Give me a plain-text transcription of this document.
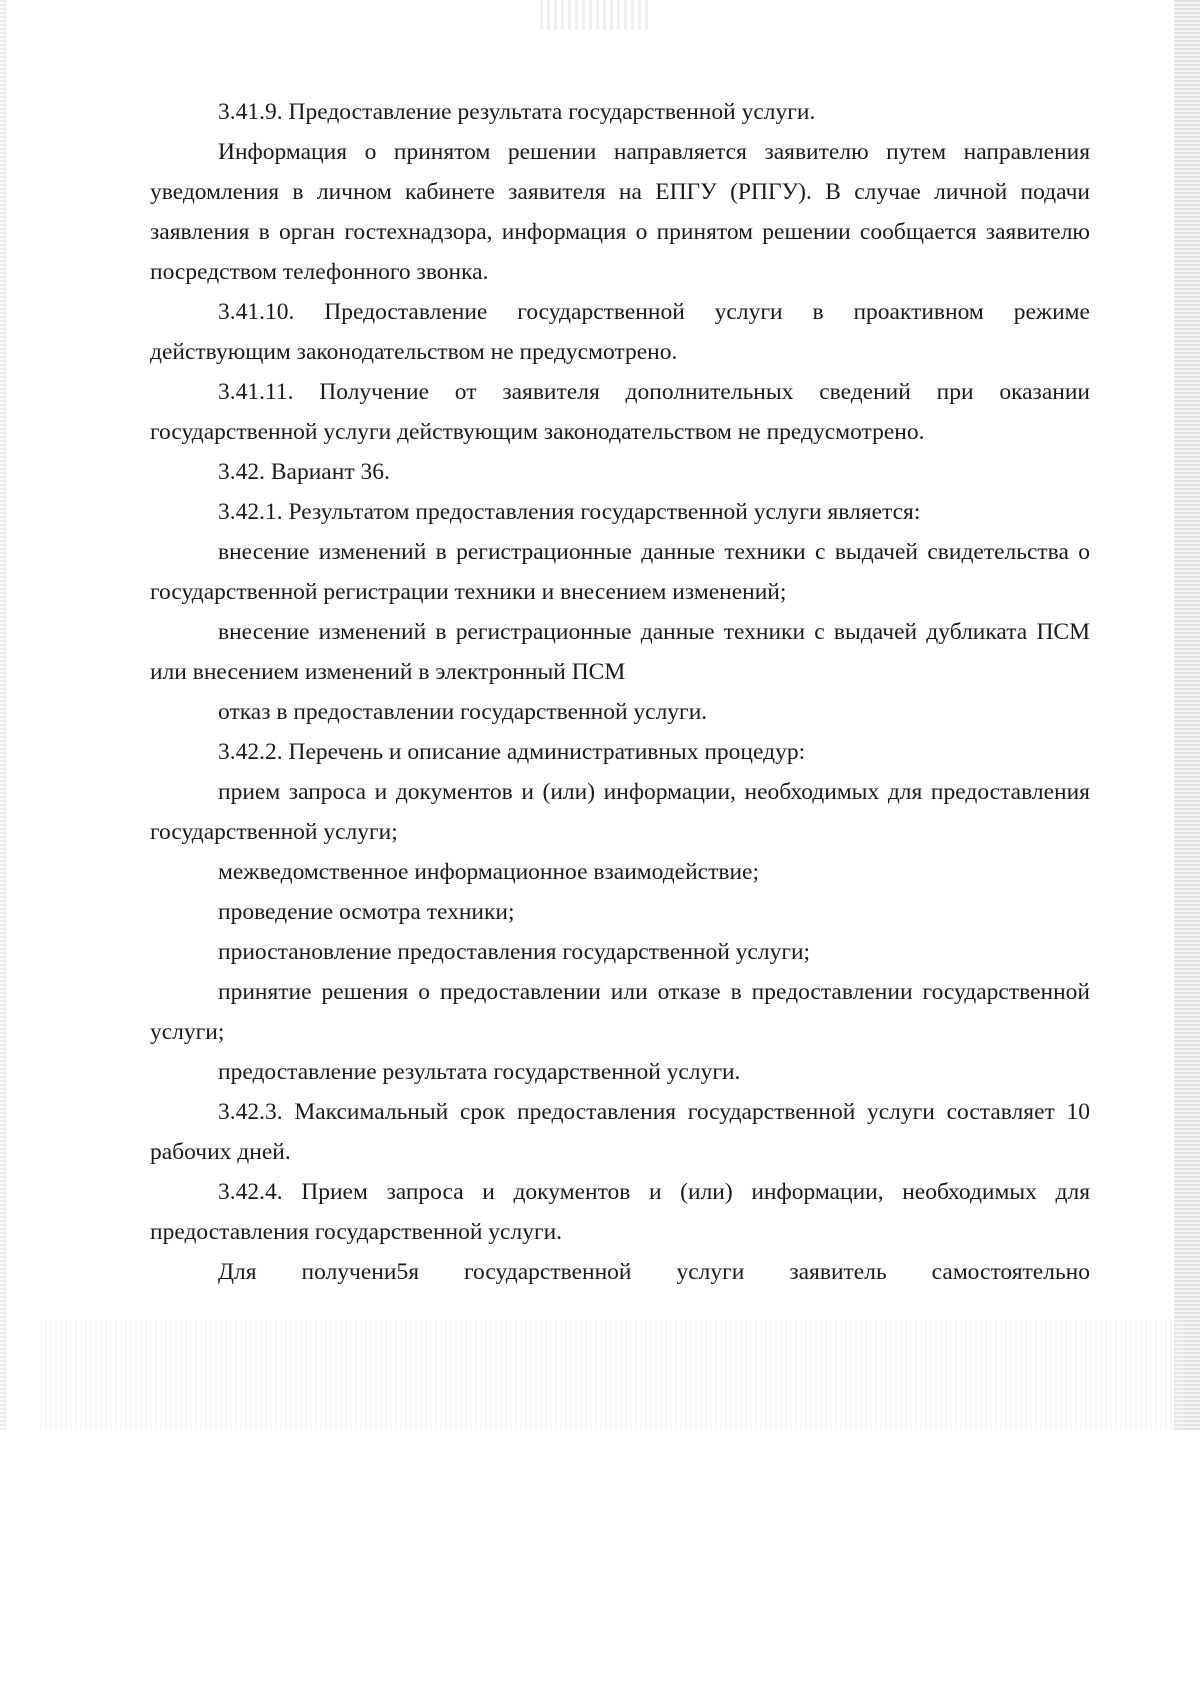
3.41.9. Предоставление результата государственной услуги.

Информация о принятом решении направляется заявителю путем направления уведомления в личном кабинете заявителя на ЕПГУ (РПГУ). В случае личной подачи заявления в орган гостехнадзора, информация о принятом решении сообщается заявителю посредством телефонного звонка.

3.41.10. Предоставление государственной услуги в проактивном режиме действующим законодательством не предусмотрено.

3.41.11. Получение от заявителя дополнительных сведений при оказании государственной услуги действующим законодательством не предусмотрено.

3.42. Вариант 36.

3.42.1. Результатом предоставления государственной услуги является:

внесение изменений в регистрационные данные техники с выдачей свидетельства о государственной регистрации техники и внесением изменений;

внесение изменений в регистрационные данные техники с выдачей дубликата ПСМ или внесением изменений в электронный ПСМ

отказ в предоставлении государственной услуги.

3.42.2. Перечень и описание административных процедур:

прием запроса и документов и (или) информации, необходимых для предоставления государственной услуги;

межведомственное информационное взаимодействие;

проведение осмотра техники;

приостановление предоставления государственной услуги;

принятие решения о предоставлении или отказе в предоставлении государственной услуги;

предоставление результата государственной услуги.

3.42.3. Максимальный срок предоставления государственной услуги составляет 10 рабочих дней.

3.42.4. Прием запроса и документов и (или) информации, необходимых для предоставления государственной услуги.

Для получени5я государственной услуги заявитель самостоятельно
